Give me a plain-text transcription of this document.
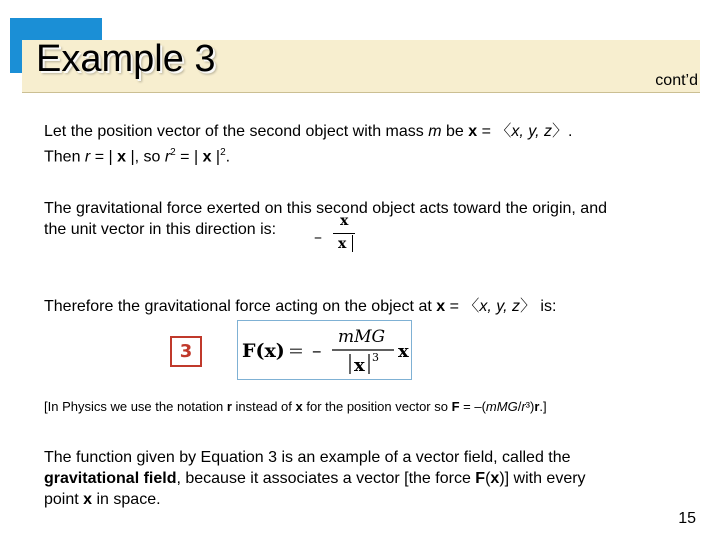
Example 3
cont’d
Let the position vector of the second object with mass m be x = 〈x, y, z〉.
Then r = | x |, so $r^2$ = | x $|^2$.
The gravitational force exerted on this second object acts toward the origin, and
the unit vector in this direction is:	–
x
x ‖
Therefore the gravitational force acting on the object at x = 〈x, y, z〉 is:
3	F(x) = –
mMG
x 3 x
[In Physics we use the notation r instead of x for the position vector so F = –(mMG/r³)r.]
The function given by Equation 3 is an example of a vector field, called the
gravitational field, because it associates a vector [the force F(x)] with every
point x in space.
15
